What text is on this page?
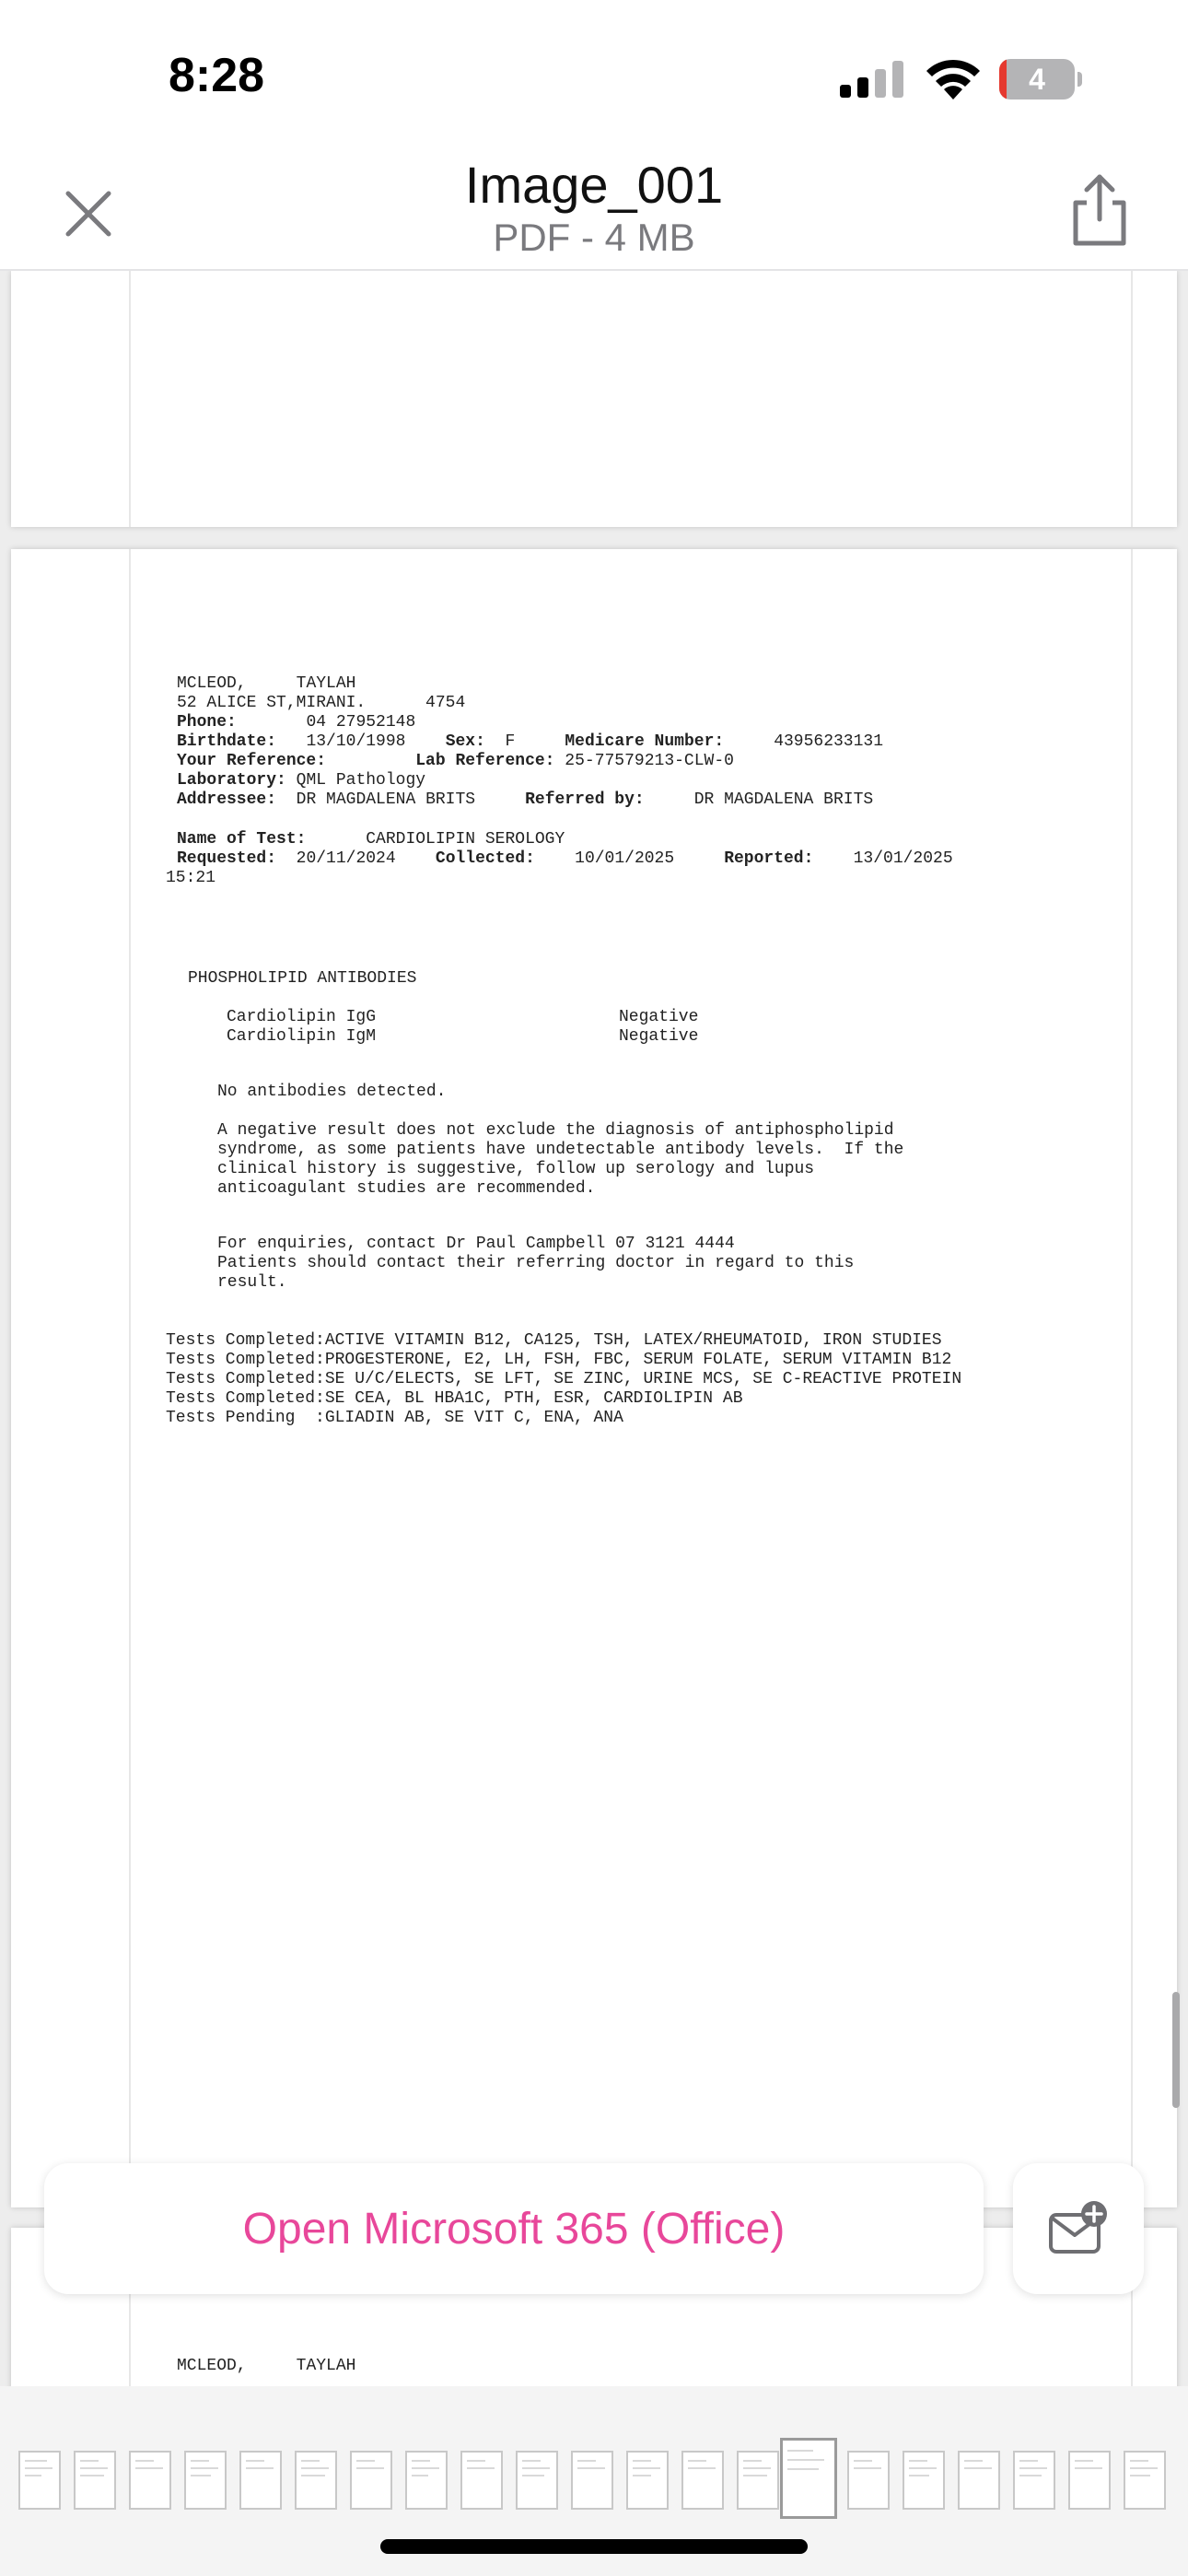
8:28	4
Image_001
PDF - 4 MB
MCLEOD,	TAYLAH
52 ALICE ST,MIRANI.	4754
Phone:	04 27952148
Birthdate: 13/10/1998 Sex: F	Medicare Number:	43956233131
Your Reference:	Lab Reference: 25-77579213-CLW-0
Laboratory: QML Pathology
Addressee: DR MAGDALENA BRITS	Referred by:	DR MAGDALENA BRITS
Name of Test:	CARDIOLIPIN SEROLOGY
Requested: 20/11/2024 Collected: 10/01/2025	Reported: 13/01/2025
15:21
PHOSPHOLIPID ANTIBODIES
Cardiolipin IgG	Negative
Cardiolipin IgM	Negative
No antibodies detected.
A negative result does not exclude the diagnosis of antiphospholipid
syndrome, as some patients have undetectable antibody levels.  If the
clinical history is suggestive, follow up serology and lupus
anticoagulant studies are recommended.
For enquiries, contact Dr Paul Campbell 07 3121 4444
Patients should contact their referring doctor in regard to this
result.
Tests Completed:ACTIVE VITAMIN B12, CA125, TSH, LATEX/RHEUMATOID, IRON STUDIES
Tests Completed:PROGESTERONE, E2, LH, FSH, FBC, SERUM FOLATE, SERUM VITAMIN B12
Tests Completed:SE U/C/ELECTS, SE LFT, SE ZINC, URINE MCS, SE C-REACTIVE PROTEIN
Tests Completed:SE CEA, BL HBA1C, PTH, ESR, CARDIOLIPIN AB
Tests Pending  :GLIADIN AB, SE VIT C, ENA, ANA
MCLEOD,	TAYLAH
Open Microsoft 365 (Office)
